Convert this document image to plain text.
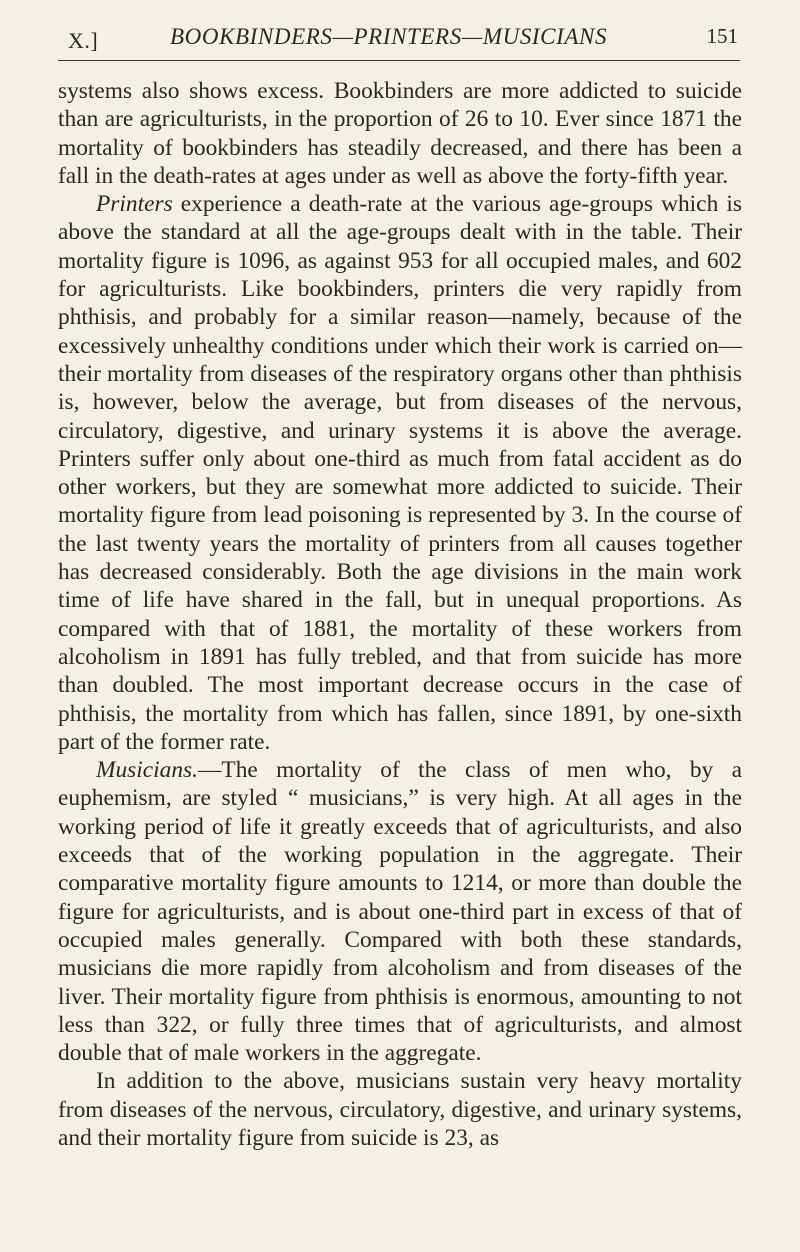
X.]	BOOKBINDERS—PRINTERS—MUSICIANS	151

systems also shows excess. Bookbinders are more addicted to suicide than are agriculturists, in the proportion of 26 to 10. Ever since 1871 the mortality of bookbinders has steadily decreased, and there has been a fall in the death-rates at ages under as well as above the forty-fifth year.

Printers experience a death-rate at the various age-groups which is above the standard at all the age-groups dealt with in the table. Their mortality figure is 1096, as against 953 for all occupied males, and 602 for agriculturists. Like bookbinders, printers die very rapidly from phthisis, and probably for a similar reason—namely, because of the excessively unhealthy conditions under which their work is carried on—their mortality from diseases of the respiratory organs other than phthisis is, however, below the average, but from diseases of the nervous, circulatory, digestive, and urinary systems it is above the average. Printers suffer only about one-third as much from fatal accident as do other workers, but they are somewhat more addicted to suicide. Their mortality figure from lead poisoning is represented by 3. In the course of the last twenty years the mortality of printers from all causes together has decreased considerably. Both the age divisions in the main work time of life have shared in the fall, but in unequal proportions. As compared with that of 1881, the mortality of these workers from alcoholism in 1891 has fully trebled, and that from suicide has more than doubled. The most important decrease occurs in the case of phthisis, the mortality from which has fallen, since 1891, by one-sixth part of the former rate.

Musicians.—The mortality of the class of men who, by a euphemism, are styled “ musicians,” is very high. At all ages in the working period of life it greatly exceeds that of agriculturists, and also exceeds that of the working population in the aggregate. Their comparative mortality figure amounts to 1214, or more than double the figure for agriculturists, and is about one-third part in excess of that of occupied males generally. Compared with both these standards, musicians die more rapidly from alcoholism and from diseases of the liver. Their mortality figure from phthisis is enormous, amounting to not less than 322, or fully three times that of agriculturists, and almost double that of male workers in the aggregate.

In addition to the above, musicians sustain very heavy mortality from diseases of the nervous, circulatory, digestive, and urinary systems, and their mortality figure from suicide is 23, as
